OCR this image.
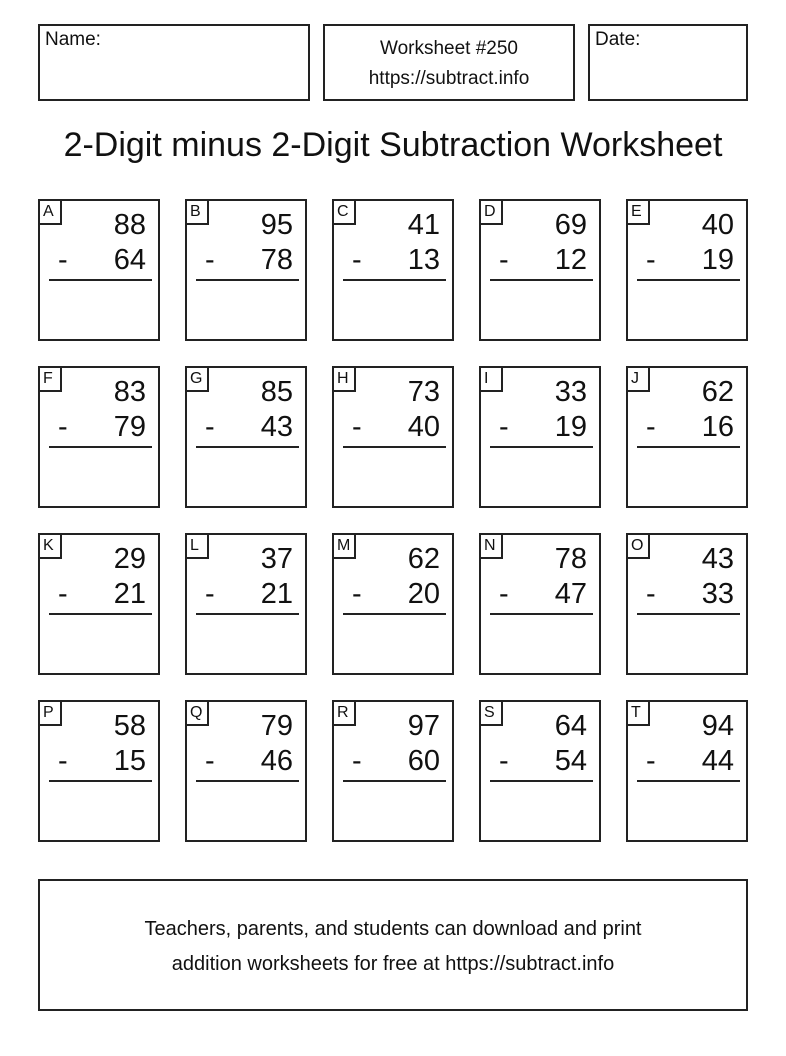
Name:	Worksheet #250
https://subtract.info
Date:
2-Digit minus 2-Digit Subtraction Worksheet
A 88
- 64
B 95
- 78
C 41
- 13
D 69
- 12
E 40
- 19
F	83
- 79
G 85
- 43
H 73
- 40
I	33
- 19
J	62
- 16
K 29
- 21
L	37
- 21
M 62
- 20
N 78
- 47
O 43
- 33
P 58
- 15
Q 79
- 46
R 97
- 60
S 64
- 54
T	94
- 44
Teachers, parents, and students can download and print
addition worksheets for free at https://subtract.info
